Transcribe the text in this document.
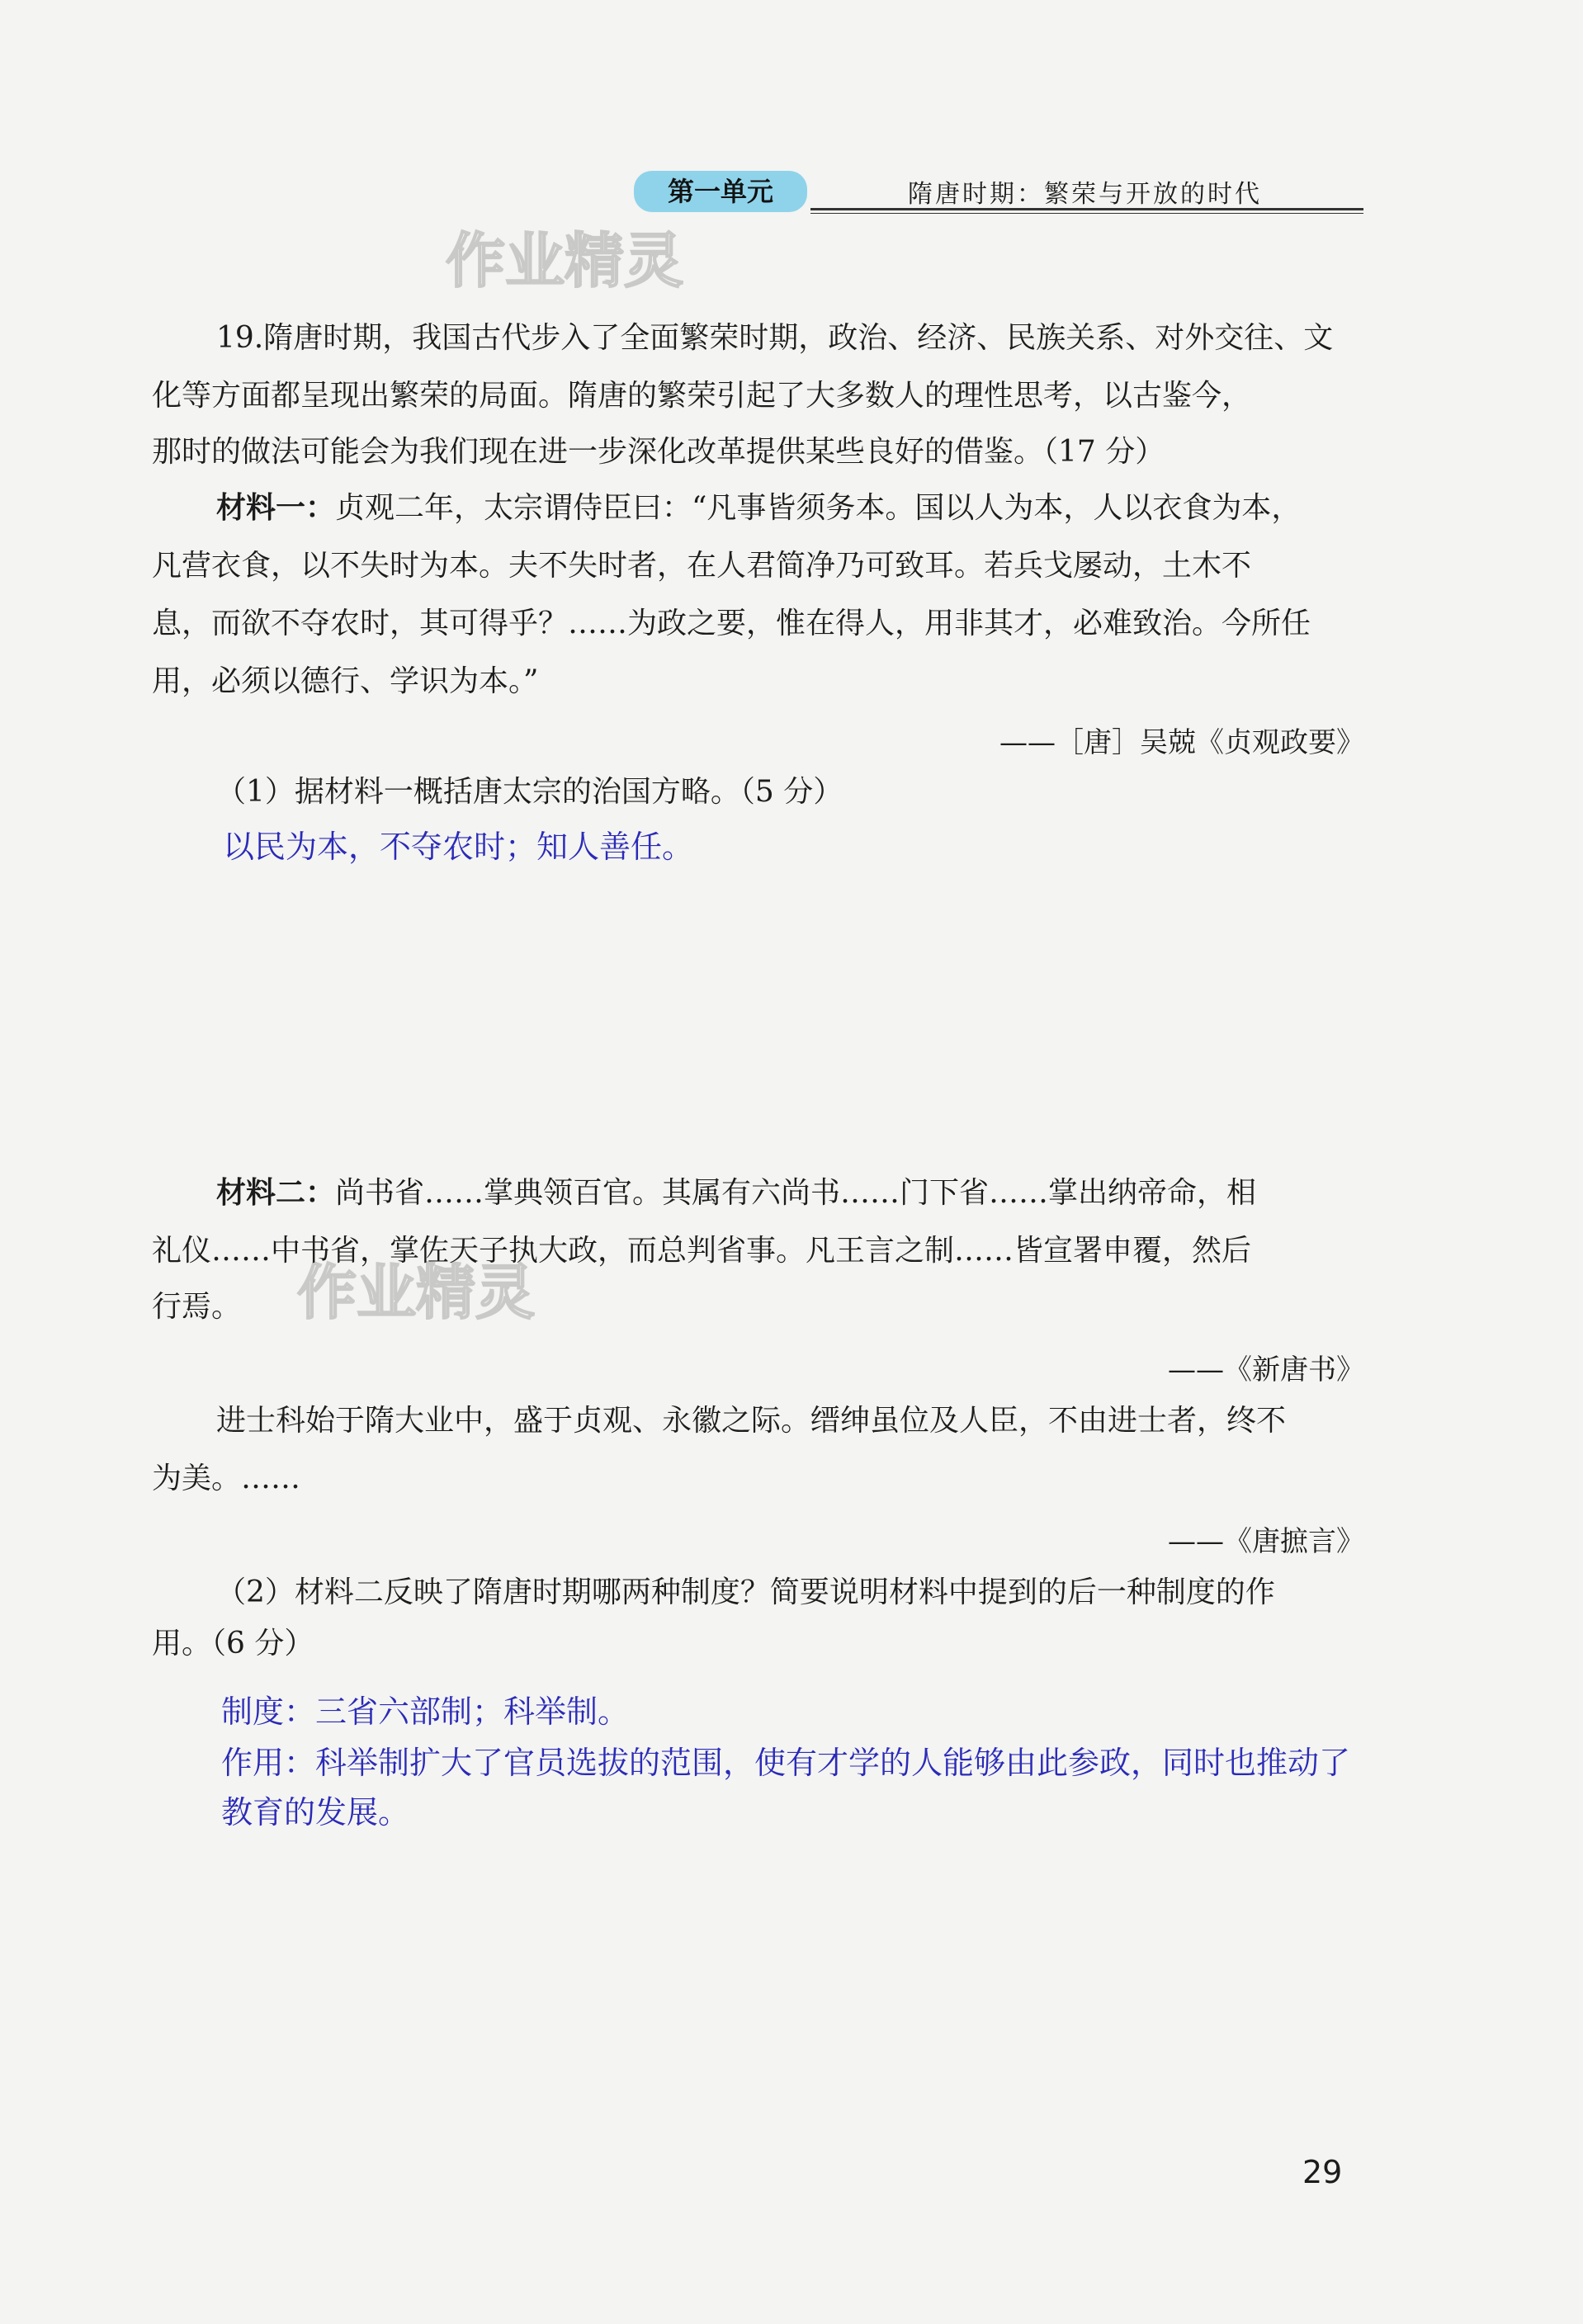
第一单元	隋唐时期：繁荣与开放的时代
作业精灵
作业精灵
19.隋唐时期，我国古代步入了全面繁荣时期，政治、经济、民族关系、对外交往、文
化等方面都呈现出繁荣的局面。隋唐的繁荣引起了大多数人的理性思考，以古鉴今，
那时的做法可能会为我们现在进一步深化改革提供某些良好的借鉴。（17 分）
材料一：贞观二年，太宗谓侍臣曰：“凡事皆须务本。国以人为本，人以衣食为本，
凡营衣食，以不失时为本。夫不失时者，在人君简净乃可致耳。若兵戈屡动，土木不
息，而欲不夺农时，其可得乎？……为政之要，惟在得人，用非其才，必难致治。今所任
用，必须以德行、学识为本。”
——［唐］吴兢《贞观政要》
（1）据材料一概括唐太宗的治国方略。（5 分）
以民为本，不夺农时；知人善任。
材料二：尚书省……掌典领百官。其属有六尚书……门下省……掌出纳帝命，相
礼仪……中书省，掌佐天子执大政，而总判省事。凡王言之制……皆宣署申覆，然后
行焉。
——《新唐书》
进士科始于隋大业中，盛于贞观、永徽之际。缙绅虽位及人臣，不由进士者，终不
为美。……
——《唐摭言》
（2）材料二反映了隋唐时期哪两种制度？简要说明材料中提到的后一种制度的作
用。（6 分）
制度：三省六部制；科举制。
作用：科举制扩大了官员选拔的范围，使有才学的人能够由此参政，同时也推动了
教育的发展。
29
